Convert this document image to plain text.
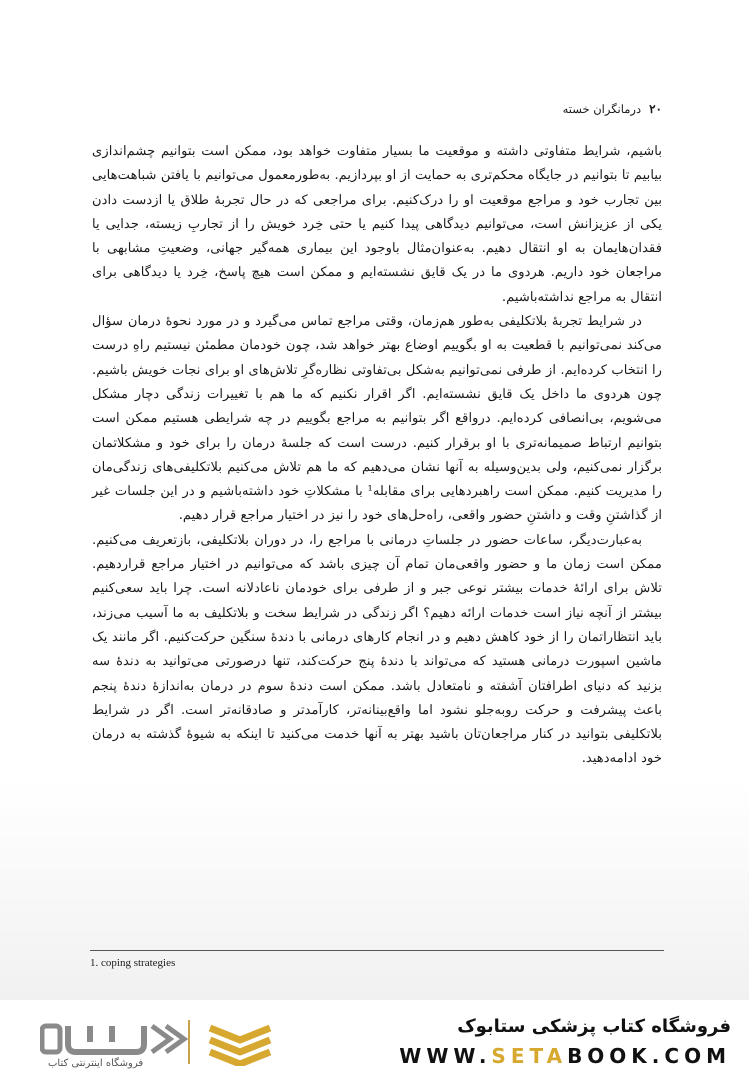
۲۰
درمانگران خسته

باشیم، شرایط متفاوتی داشته و موقعیت ما بسیار متفاوت خواهد بود، ممکن است بتوانیم چشم‌اندازی بیابیم تا بتوانیم در جایگاه محکم‌تری به حمایت از او بپردازیم. به‌طورمعمول می‌توانیم با یافتن شباهت‌هایی بین تجارب خود و مراجع موقعیت او را درک‌کنیم. برای مراجعی که در حال تجربهٔ طلاق یا ازدست دادن یکی از عزیزانش است، می‌توانیم دیدگاهی پیدا کنیم یا حتی خِرد خویش را از تجاربِ زیسته، جدایی یا فقدان‌هایمان به او انتقال دهیم. به‌عنوان‌مثال باوجود این بیماری همه‌گیر جهانی، وضعیتِ مشابهی با مراجعان خود داریم. هردوی ما در یک قایق نشسته‌ایم و ممکن است هیچ پاسخ، خِرد یا دیدگاهی برای انتقال به مراجع نداشته‌باشیم.

در شرایط تجربهٔ بلاتکلیفی به‌طور هم‌زمان، وقتی مراجع تماس می‌گیرد و در مورد نحوهٔ درمان سؤال می‌کند نمی‌توانیم با قطعیت به او بگوییم اوضاع بهتر خواهد شد، چون خودمان مطمئن نیستیم راهِ درست را انتخاب کرده‌ایم. از طرفی نمی‌توانیم به‌شکل بی‌تفاوتی نظاره‌گرِ تلاش‌های او برای نجات خویش باشیم. چون هردوی ما داخل یک قایق نشسته‌ایم. اگر اقرار نکنیم که ما هم با تغییرات زندگی دچار مشکل می‌شویم، بی‌انصافی کرده‌ایم. درواقع اگر بتوانیم به مراجع بگوییم در چه شرایطی هستیم ممکن است بتوانیم ارتباط صمیمانه‌تری با او برقرار کنیم. درست است که جلسهٔ درمان را برای خود و مشکلاتمان برگزار نمی‌کنیم، ولی بدین‌وسیله به آنها نشان می‌دهیم که ما هم تلاش می‌کنیم بلاتکلیفی‌های زندگی‌مان را مدیریت کنیم. ممکن است راهبردهایی برای مقابله¹ با مشکلاتِ خود داشته‌باشیم و در این جلسات غیر از گذاشتنِ وقت و داشتنِ حضور واقعی، راه‌حل‌های خود را نیز در اختیار مراجع قرار دهیم.

به‌عبارت‌دیگر، ساعات حضور در جلساتِ درمانی با مراجع را، در دوران بلاتکلیفی، باز‌تعریف می‌کنیم. ممکن است زمان ما و حضور واقعی‌مان تمام آن چیزی باشد که می‌توانیم در اختیار مراجع قراردهیم. تلاش برای ارائهٔ خدمات بیشتر نوعی جبر و از طرفی برای خودمان ناعادلانه است. چرا باید سعی‌کنیم بیشتر از آنچه نیاز است خدمات ارائه دهیم؟ اگر زندگی در شرایط سخت و بلاتکلیف به ما آسیب می‌زند، باید انتظاراتمان را از خود کاهش دهیم و در انجام کارهای درمانی با دندهٔ سنگین حرکت‌کنیم. اگر مانند یک ماشین اسپورت درمانی هستید که می‌تواند با دندهٔ پنج حرکت‌کند، تنها درصورتی می‌توانید به دندهٔ سه بزنید که دنیای اطرافتان آشفته و نامتعادل باشد. ممکن است دندهٔ سوم در درمان به‌اندازهٔ دندهٔ پنجم باعث پیشرفت و حرکت روبه‌جلو نشود اما واقع‌بینانه‌تر، کارآمدتر و صادقانه‌تر است. اگر در شرایط بلاتکلیفی بتوانید در کنار مراجعان‌تان باشید بهتر به آنها خدمت می‌کنید تا اینکه به شیوهٔ گذشته به درمان خود ادامه‌دهید.

1. coping strategies
فروشگاه اینترنتی کتاب
فروشگاه کتاب پزشکی ستابوک
WWW.SETABOOK.COM
